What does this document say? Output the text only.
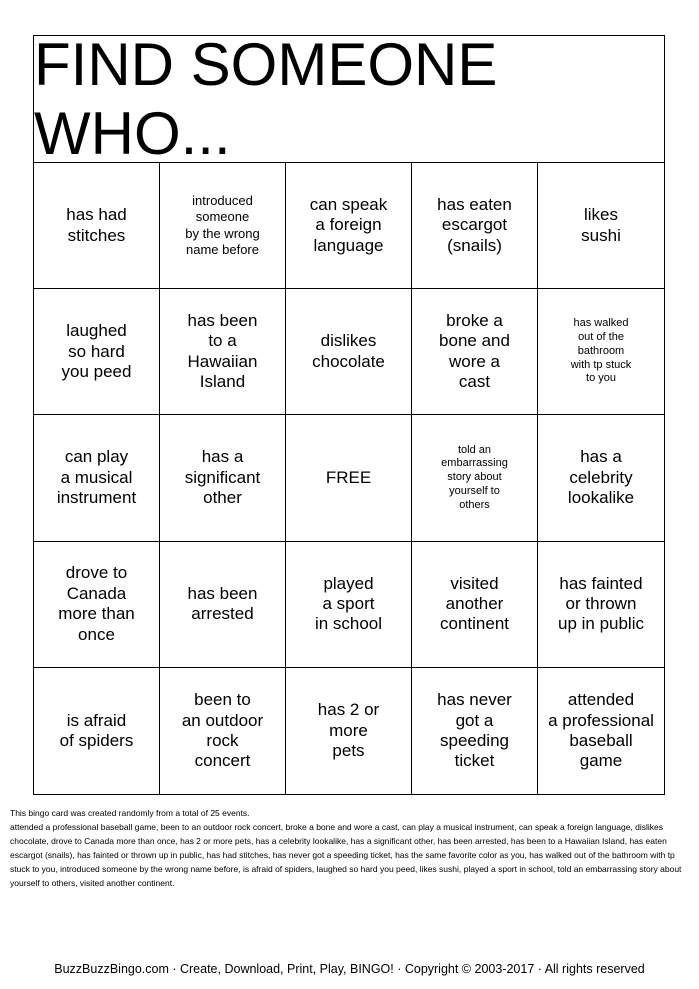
FIND SOMEONE WHO...
has had
stitches
introduced
someone
by the wrong
name before
can speak
a foreign
language
has eaten
escargot
(snails)
likes
sushi
laughed
so hard
you peed
has been
to a
Hawaiian
Island
dislikes
chocolate
broke a
bone and
wore a
cast
has walked
out of the
bathroom
with tp stuck
to you
can play
a musical
instrument
has a
significant
other
FREE
told an
embarrassing
story about
yourself to
others
has a
celebrity
lookalike
drove to
Canada
more than
once
has been
arrested
played
a sport
in school
visited
another
continent
has fainted
or thrown
up in public
is afraid
of spiders
been to
an outdoor
rock
concert
has 2 or
more
pets
has never
got a
speeding
ticket
attended
a professional
baseball
game

This bingo card was created randomly from a total of 25 events.

attended a professional baseball game, been to an outdoor rock concert, broke a bone and wore a cast, can play a musical instrument, can speak a foreign language, dislikes chocolate, drove to Canada more than once, has 2 or more pets, has a celebrity lookalike, has a significant other, has been arrested, has been to a Hawaiian Island, has eaten escargot (snails), has fainted or thrown up in public, has had stitches, has never got a speeding ticket, has the same favorite color as you, has walked out of the bathroom with tp stuck to you, introduced someone by the wrong name before, is afraid of spiders, laughed so hard you peed, likes sushi, played a sport in school, told an embarrassing story about yourself to others, visited another continent.

BuzzBuzzBingo.com · Create, Download, Print, Play, BINGO! · Copyright © 2003-2017 · All rights reserved
